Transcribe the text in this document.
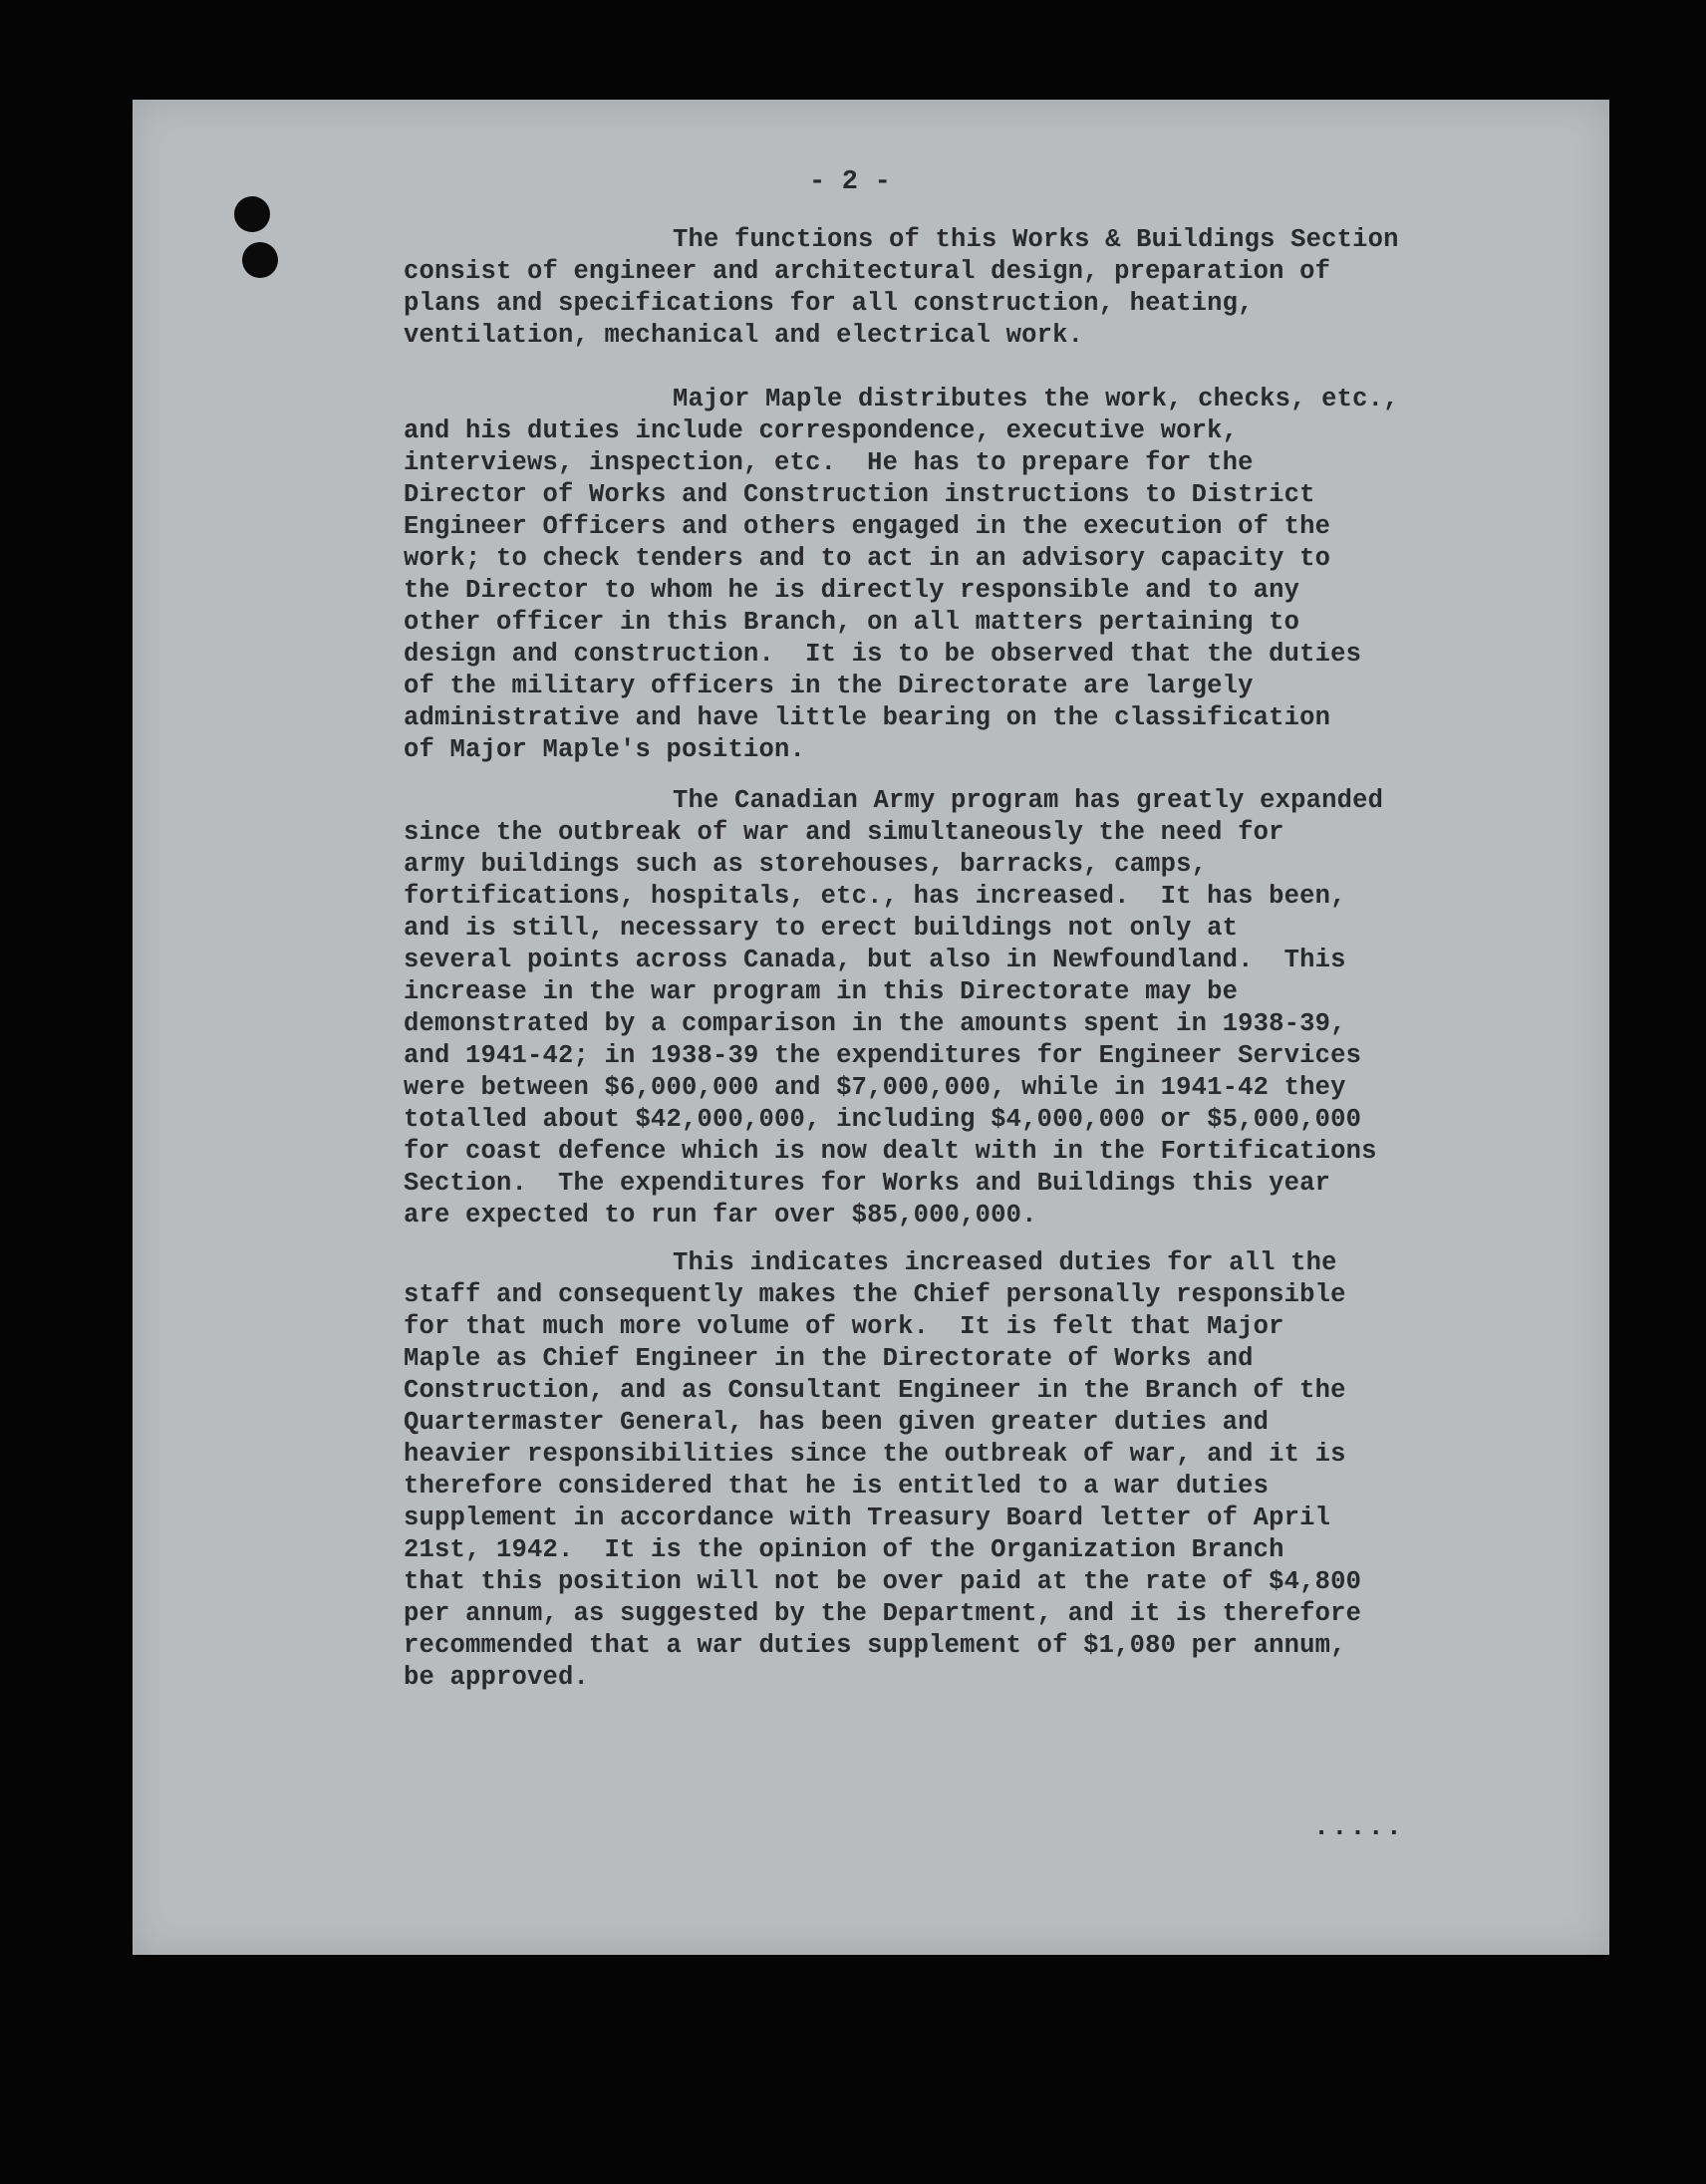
- 2 -
The functions of this Works & Buildings Section
consist of engineer and architectural design, preparation of
plans and specifications for all construction, heating,
ventilation, mechanical and electrical work.
Major Maple distributes the work, checks, etc.,
and his duties include correspondence, executive work,
interviews, inspection, etc.  He has to prepare for the
Director of Works and Construction instructions to District
Engineer Officers and others engaged in the execution of the
work; to check tenders and to act in an advisory capacity to
the Director to whom he is directly responsible and to any
other officer in this Branch, on all matters pertaining to
design and construction.  It is to be observed that the duties
of the military officers in the Directorate are largely
administrative and have little bearing on the classification
of Major Maple's position.
The Canadian Army program has greatly expanded
since the outbreak of war and simultaneously the need for
army buildings such as storehouses, barracks, camps,
fortifications, hospitals, etc., has increased.  It has been,
and is still, necessary to erect buildings not only at
several points across Canada, but also in Newfoundland.  This
increase in the war program in this Directorate may be
demonstrated by a comparison in the amounts spent in 1938-39,
and 1941-42; in 1938-39 the expenditures for Engineer Services
were between $6,000,000 and $7,000,000, while in 1941-42 they
totalled about $42,000,000, including $4,000,000 or $5,000,000
for coast defence which is now dealt with in the Fortifications
Section.  The expenditures for Works and Buildings this year
are expected to run far over $85,000,000.
This indicates increased duties for all the
staff and consequently makes the Chief personally responsible
for that much more volume of work.  It is felt that Major
Maple as Chief Engineer in the Directorate of Works and
Construction, and as Consultant Engineer in the Branch of the
Quartermaster General, has been given greater duties and
heavier responsibilities since the outbreak of war, and it is
therefore considered that he is entitled to a war duties
supplement in accordance with Treasury Board letter of April
21st, 1942.  It is the opinion of the Organization Branch
that this position will not be over paid at the rate of $4,800
per annum, as suggested by the Department, and it is therefore
recommended that a war duties supplement of $1,080 per annum,
be approved.
.....
